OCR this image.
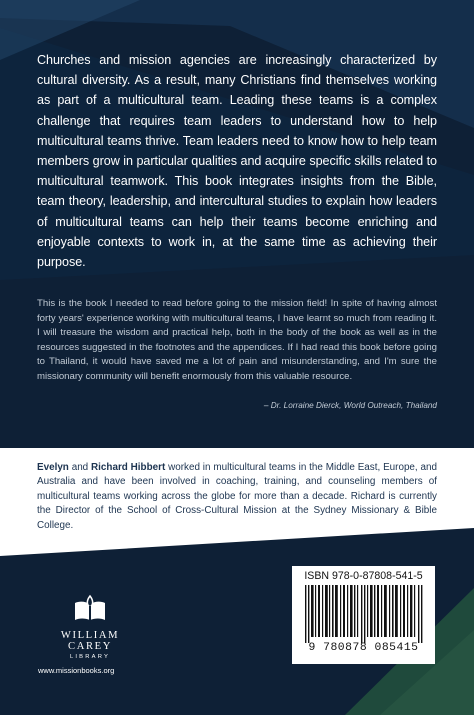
Churches and mission agencies are increasingly characterized by cultural diversity. As a result, many Christians find themselves working as part of a multicultural team. Leading these teams is a complex challenge that requires team leaders to understand how to help multicultural teams thrive. Team leaders need to know how to help team members grow in particular qualities and acquire specific skills related to multicultural teamwork. This book integrates insights from the Bible, team theory, leadership, and intercultural studies to explain how leaders of multicultural teams can help their teams become enriching and enjoyable contexts to work in, at the same time as achieving their purpose.

This is the book I needed to read before going to the mission field! In spite of having almost forty years' experience working with multicultural teams, I have learnt so much from reading it. I will treasure the wisdom and practical help, both in the body of the book as well as in the resources suggested in the footnotes and the appendices. If I had read this book before going to Thailand, it would have saved me a lot of pain and misunderstanding, and I'm sure the missionary community will benefit enormously from this valuable resource.

– Dr. Lorraine Dierck, World Outreach, Thailand
Evelyn and Richard Hibbert worked in multicultural teams in the Middle East, Europe, and Australia and have been involved in coaching, training, and counseling members of multicultural teams working across the globe for more than a decade. Richard is currently the Director of the School of Cross-Cultural Mission at the Sydney Missionary & Bible College.
WILLIAM CAREY
LIBRARY
www.missionbooks.org
ISBN 978-0-87808-541-5
9 780878 085415
